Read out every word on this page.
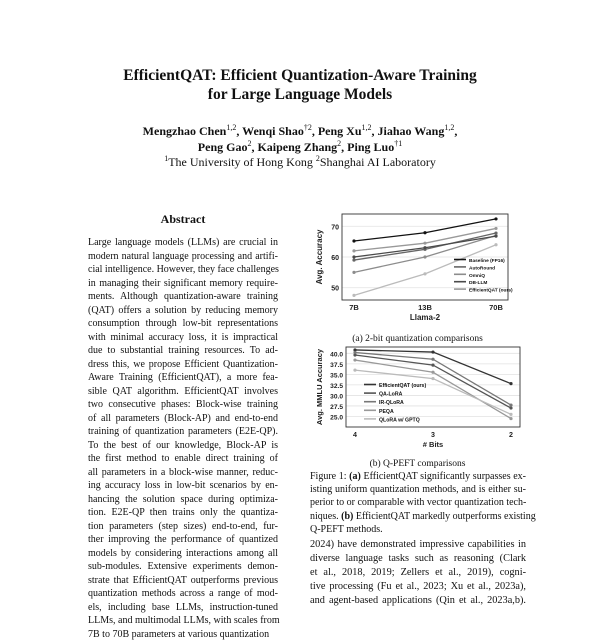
EfficientQAT: Efficient Quantization-Aware Training
for Large Language Models
Mengzhao Chen$^{1,2}$, Wenqi Shao$^{\dagger 2}$, Peng Xu$^{1,2}$, Jiahao Wang$^{1,2}$,
Peng Gao$^2$, Kaipeng Zhang$^2$, Ping Luo$^{\dagger 1}$
$^1$The University of Hong Kong $^2$Shanghai AI Laboratory
Abstract
Large language models (LLMs) are crucial in
modern natural language processing and artifi-
cial intelligence. However, they face challenges
in managing their significant memory require-
ments. Although quantization-aware training
(QAT) offers a solution by reducing memory
consumption through low-bit representations
with minimal accuracy loss, it is impractical
due to substantial training resources. To ad-
dress this, we propose Efficient Quantization-
Aware Training (EfficientQAT), a more fea-
sible QAT algorithm. EfficientQAT involves
two consecutive phases: Block-wise training
of all parameters (Block-AP) and end-to-end
training of quantization parameters (E2E-QP).
To the best of our knowledge, Block-AP is
the first method to enable direct training of
all parameters in a block-wise manner, reduc-
ing accuracy loss in low-bit scenarios by en-
hancing the solution space during optimiza-
tion. E2E-QP then trains only the quantiza-
tion parameters (step sizes) end-to-end, fur-
ther improving the performance of quantized
models by considering interactions among all
sub-modules. Extensive experiments demon-
strate that EfficientQAT outperforms previous
quantization methods across a range of mod-
els, including base LLMs, instruction-tuned
LLMs, and multimodal LLMs, with scales from
7B to 70B parameters at various quantization
50
60
70
7B	13B	70B
Llama-2
Avg. Accuracy	Baseline (FP16)
AutoRound
OmniQ
DB-LLM
EfficientQAT (ours)
(a) 2-bit quantization comparisons
25.0
27.5
30.0
32.5
35.0
37.5
40.0
4	3	2
# Bits
Avg. MMLU Accuracy	EfficientQAT (ours)
QA-LoRA
IR-QLoRA
PEQA
QLoRA w/ GPTQ
(b) Q-PEFT comparisons
Figure 1: (a) EfficientQAT significantly surpasses ex-
isting uniform quantization methods, and is either su-
perior to or comparable with vector quantization tech-
niques. (b) EfficientQAT markedly outperforms existing
Q-PEFT methods.
2024) have demonstrated impressive capabilities in
diverse language tasks such as reasoning (Clark
et al., 2018, 2019; Zellers et al., 2019), cogni-
tive processing (Fu et al., 2023; Xu et al., 2023a),
and agent-based applications (Qin et al., 2023a,b).
